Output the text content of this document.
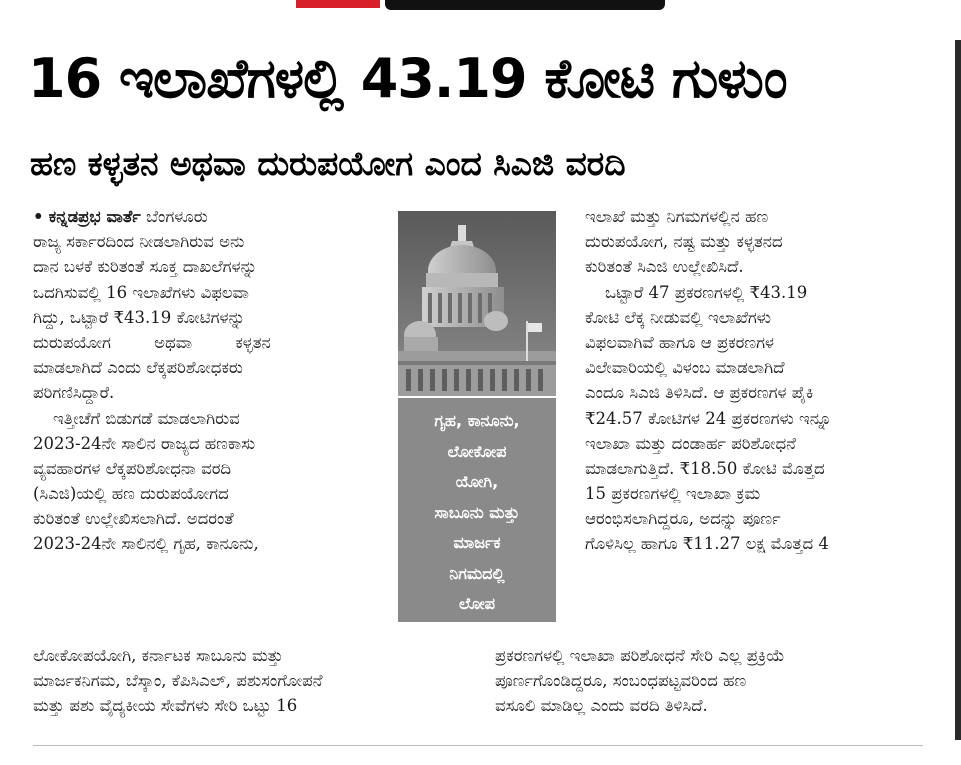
16 ಇಲಾಖೆಗಳಲ್ಲಿ 43.19 ಕೋಟಿ ಗುಳುಂ
ಹಣ ಕಳ್ಳತನ ಅಥವಾ ದುರುಪಯೋಗ ಎಂದ ಸಿಎಜಿ ವರದಿ
• ಕನ್ನಡಪ್ರಭ ವಾರ್ತೆ ಬೆಂಗಳೂರು
ರಾಜ್ಯ ಸರ್ಕಾರದಿಂದ ನೀಡಲಾಗಿರುವ ಅನು
ದಾನ ಬಳಕೆ ಕುರಿತಂತೆ ಸೂಕ್ತ ದಾಖಲೆಗಳನ್ನು
ಒದಗಿಸುವಲ್ಲಿ 16 ಇಲಾಖೆಗಳು ವಿಫಲವಾ
ಗಿದ್ದು, ಒಟ್ಟಾರೆ ₹43.19 ಕೋಟಿಗಳನ್ನು
ದುರುಪಯೋಗ ಅಥವಾ ಕಳ್ಳತನ
ಮಾಡಲಾಗಿದೆ ಎಂದು ಲೆಕ್ಕಪರಿಶೋಧಕರು
ಪರಿಗಣಿಸಿದ್ದಾರೆ.
ಇತ್ತೀಚೆಗೆ ಬಿಡುಗಡೆ ಮಾಡಲಾಗಿರುವ
2023-24ನೇ ಸಾಲಿನ ರಾಜ್ಯದ ಹಣಕಾಸು
ವ್ಯವಹಾರಗಳ ಲೆಕ್ಕಪರಿಶೋಧನಾ ವರದಿ
(ಸಿಎಜಿ)ಯಲ್ಲಿ ಹಣ ದುರುಪಯೋಗದ
ಕುರಿತಂತೆ ಉಲ್ಲೇಖಿಸಲಾಗಿದೆ. ಅದರಂತೆ
2023-24ನೇ ಸಾಲಿನಲ್ಲಿ ಗೃಹ, ಕಾನೂನು,
ಲೋಕೋಪಯೋಗಿ, ಕರ್ನಾಟಕ ಸಾಬೂನು ಮತ್ತು
ಮಾರ್ಜಕನಿಗಮ, ಬೆಸ್ಕಾಂ, ಕೆಪಿಸಿಎಲ್, ಪಶುಸಂಗೋಪನೆ
ಮತ್ತು ಪಶು ವೈದ್ಯಕೀಯ ಸೇವೆಗಳು ಸೇರಿ ಒಟ್ಟು 16
ಗೃಹ, ಕಾನೂನು,
ಲೋಕೋಪ
ಯೋಗಿ,
ಸಾಬೂನು ಮತ್ತು
ಮಾರ್ಜಕ
ನಿಗಮದಲ್ಲಿ
ಲೋಪ
ಇಲಾಖೆ ಮತ್ತು ನಿಗಮಗಳಲ್ಲಿನ ಹಣ
ದುರುಪಯೋಗ, ನಷ್ಟ ಮತ್ತು ಕಳ್ಳತನದ
ಕುರಿತಂತೆ ಸಿಎಜಿ ಉಲ್ಲೇಖಿಸಿದೆ.
ಒಟ್ಟಾರೆ 47 ಪ್ರಕರಣಗಳಲ್ಲಿ ₹43.19
ಕೋಟಿ ಲೆಕ್ಕ ನೀಡುವಲ್ಲಿ ಇಲಾಖೆಗಳು
ವಿಫಲವಾಗಿವೆ ಹಾಗೂ ಆ ಪ್ರಕರಣಗಳ
ವಿಲೇವಾರಿಯಲ್ಲಿ ವಿಳಂಬ ಮಾಡಲಾಗಿದೆ
ಎಂದೂ ಸಿಎಜಿ ತಿಳಿಸಿದೆ. ಆ ಪ್ರಕರಣಗಳ ಪೈಕಿ
₹24.57 ಕೋಟಿಗಳ 24 ಪ್ರಕರಣಗಳು ಇನ್ನೂ
ಇಲಾಖಾ ಮತ್ತು ದಂಡಾರ್ಹ ಪರಿಶೋಧನೆ
ಮಾಡಲಾಗುತ್ತಿದೆ. ₹18.50 ಕೋಟಿ ಮೊತ್ತದ
15 ಪ್ರಕರಣಗಳಲ್ಲಿ ಇಲಾಖಾ ಕ್ರಮ
ಆರಂಭಿಸಲಾಗಿದ್ದರೂ, ಅದನ್ನು ಪೂರ್ಣ
ಗೊಳಿಸಿಲ್ಲ ಹಾಗೂ ₹11.27 ಲಕ್ಷ ಮೊತ್ತದ 4
ಪ್ರಕರಣಗಳಲ್ಲಿ ಇಲಾಖಾ ಪರಿಶೋಧನೆ ಸೇರಿ ಎಲ್ಲ ಪ್ರಕ್ರಿಯೆ
ಪೂರ್ಣಗೊಂಡಿದ್ದರೂ, ಸಂಬಂಧಪಟ್ಟವರಿಂದ ಹಣ
ವಸೂಲಿ ಮಾಡಿಲ್ಲ ಎಂದು ವರದಿ ತಿಳಿಸಿದೆ.
